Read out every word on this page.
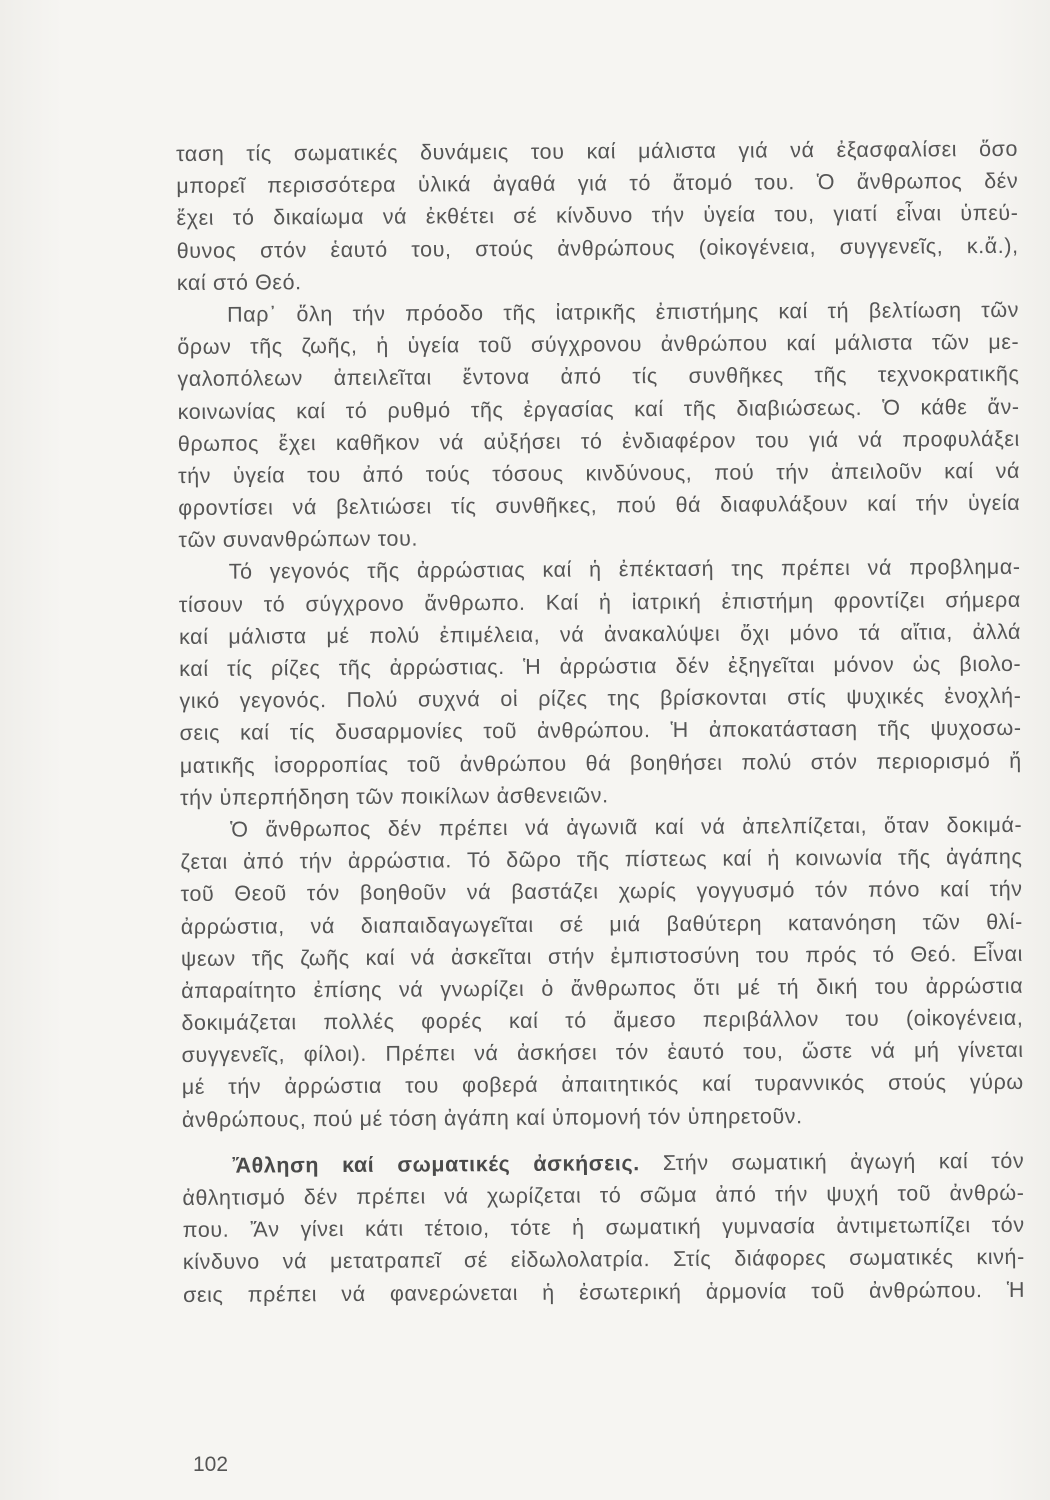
ταση τίς σωματικές δυνάμεις του καί μάλιστα γιά νά ἐξασφαλίσει ὅσο
μπορεῖ περισσότερα ὑλικά ἀγαθά γιά τό ἄτομό του. Ὁ ἄνθρωπος δέν
ἔχει τό δικαίωμα νά ἐκθέτει σέ κίνδυνο τήν ὑγεία του, γιατί εἶναι ὑπεύ-
θυνος στόν ἑαυτό του, στούς ἀνθρώπους (οἰκογένεια, συγγενεῖς, κ.ἄ.),
καί στό Θεό.
Παρ᾽ ὅλη τήν πρόοδο τῆς ἰατρικῆς ἐπιστήμης καί τή βελτίωση τῶν
ὅρων τῆς ζωῆς, ἡ ὑγεία τοῦ σύγχρονου ἀνθρώπου καί μάλιστα τῶν με-
γαλοπόλεων ἀπειλεῖται ἔντονα ἀπό τίς συνθῆκες τῆς τεχνοκρατικῆς
κοινωνίας καί τό ρυθμό τῆς ἐργασίας καί τῆς διαβιώσεως. Ὁ κάθε ἄν-
θρωπος ἔχει καθῆκον νά αὐξήσει τό ἐνδιαφέρον του γιά νά προφυλάξει
τήν ὑγεία του ἀπό τούς τόσους κινδύνους, πού τήν ἀπειλοῦν καί νά
φροντίσει νά βελτιώσει τίς συνθῆκες, πού θά διαφυλάξουν καί τήν ὑγεία
τῶν συνανθρώπων του.
Τό γεγονός τῆς ἀρρώστιας καί ἡ ἐπέκτασή της πρέπει νά προβλημα-
τίσουν τό σύγχρονο ἄνθρωπο. Καί ἡ ἰατρική ἐπιστήμη φροντίζει σήμερα
καί μάλιστα μέ πολύ ἐπιμέλεια, νά ἀνακαλύψει ὄχι μόνο τά αἴτια, ἀλλά
καί τίς ρίζες τῆς ἀρρώστιας. Ἡ ἀρρώστια δέν ἐξηγεῖται μόνον ὡς βιολο-
γικό γεγονός. Πολύ συχνά οἱ ρίζες της βρίσκονται στίς ψυχικές ἐνοχλή-
σεις καί τίς δυσαρμονίες τοῦ ἀνθρώπου. Ἡ ἀποκατάσταση τῆς ψυχοσω-
ματικῆς ἰσορροπίας τοῦ ἀνθρώπου θά βοηθήσει πολύ στόν περιορισμό ἤ
τήν ὑπερπήδηση τῶν ποικίλων ἀσθενειῶν.
Ὁ ἄνθρωπος δέν πρέπει νά ἀγωνιᾶ καί νά ἀπελπίζεται, ὅταν δοκιμά-
ζεται ἀπό τήν ἀρρώστια. Τό δῶρο τῆς πίστεως καί ἡ κοινωνία τῆς ἀγάπης
τοῦ Θεοῦ τόν βοηθοῦν νά βαστάζει χωρίς γογγυσμό τόν πόνο καί τήν
ἀρρώστια, νά διαπαιδαγωγεῖται σέ μιά βαθύτερη κατανόηση τῶν θλί-
ψεων τῆς ζωῆς καί νά ἀσκεῖται στήν ἐμπιστοσύνη του πρός τό Θεό. Εἶναι
ἀπαραίτητο ἐπίσης νά γνωρίζει ὁ ἄνθρωπος ὅτι μέ τή δική του ἀρρώστια
δοκιμάζεται πολλές φορές καί τό ἄμεσο περιβάλλον του (οἰκογένεια,
συγγενεῖς, φίλοι). Πρέπει νά ἀσκήσει τόν ἑαυτό του, ὥστε νά μή γίνεται
μέ τήν ἀρρώστια του φοβερά ἀπαιτητικός καί τυραννικός στούς γύρω
ἀνθρώπους, πού μέ τόση ἀγάπη καί ὑπομονή τόν ὑπηρετοῦν.
Ἄθληση καί σωματικές ἀσκήσεις. Στήν σωματική ἀγωγή καί τόν
ἀθλητισμό δέν πρέπει νά χωρίζεται τό σῶμα ἀπό τήν ψυχή τοῦ ἀνθρώ-
που. Ἄν γίνει κάτι τέτοιο, τότε ἡ σωματική γυμνασία ἀντιμετωπίζει τόν
κίνδυνο νά μετατραπεῖ σέ εἰδωλολατρία. Στίς διάφορες σωματικές κινή-
σεις πρέπει νά φανερώνεται ἡ ἐσωτερική ἁρμονία τοῦ ἀνθρώπου. Ἡ
102
